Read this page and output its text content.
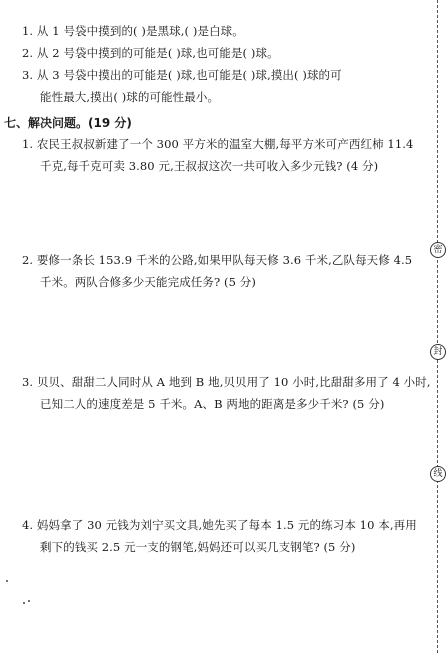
1. 从 1 号袋中摸到的( )是黑球,( )是白球。
2. 从 2 号袋中摸到的可能是( )球,也可能是( )球。
3. 从 3 号袋中摸出的可能是( )球,也可能是( )球,摸出( )球的可
能性最大,摸出( )球的可能性最小。
七、解决问题。(19 分)
1. 农民王叔叔新建了一个 300 平方米的温室大棚,每平方米可产西红柿 11.4
千克,每千克可卖 3.80 元,王叔叔这次一共可收入多少元钱? (4 分)
2. 要修一条长 153.9 千米的公路,如果甲队每天修 3.6 千米,乙队每天修 4.5
千米。两队合修多少天能完成任务? (5 分)
3. 贝贝、甜甜二人同时从 A 地到 B 地,贝贝用了 10 小时,比甜甜多用了 4 小时,
已知二人的速度差是 5 千米。A、B 两地的距离是多少千米? (5 分)
4. 妈妈拿了 30 元钱为刘宁买文具,她先买了每本 1.5 元的练习本 10 本,再用
剩下的钱买 2.5 元一支的钢笔,妈妈还可以买几支钢笔? (5 分)
密
封
线
